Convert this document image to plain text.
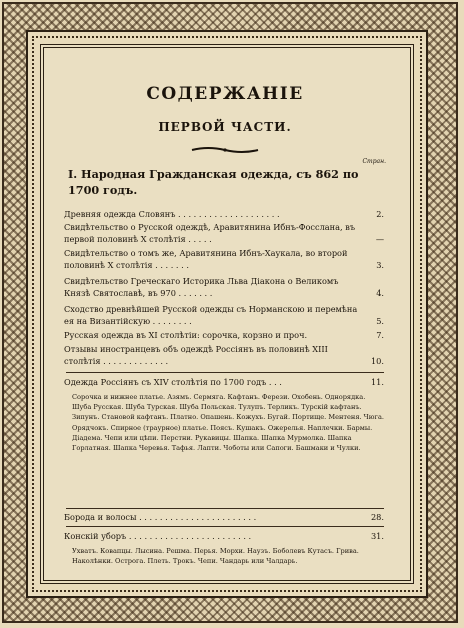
СОДЕРЖАНІЕ
ПЕРВОЙ ЧАСТИ.
Стран.
I. Народная Гражданская одежда, съ 862 по 1700 годъ.
Древняя одежда Словянъ . . . . . . . . . . . . . . . . . . . .	2.
Свидѣтельство о Русской одеждѣ, Аравитянина Ибнъ-Фосслана, въ первой половинѣ X столѣтія . . . . .	—
Свидѣтельство о томъ же, Аравитянина Ибнъ-Хаукала, во второй половинѣ X столѣтія . . . . . . .	3.
Свидѣтельство Греческаго Историка Льва Діакона о Великомъ Князѣ Святославѣ, въ 970 . . . . . . .	4.
Сходство древнѣйшей Русской одежды съ Норманскою и перемѣна ея на Византійскую . . . . . . . .	5.
Русская одежда въ XI столѣтіи: сорочка, корзно и проч.	7.
Отзывы иностранцевъ объ одеждѣ Россіянъ въ половинѣ XIII столѣтія . . . . . . . . . . . . .	10.
Одежда Россіянъ съ XIV столѣтія по 1700 годъ . . .	11.
Сорочка и нижнее платье. Азямъ. Сермяга. Кафтанъ. Ферези. Охобень. Однорядка. Шуба Русская. Шуба Турская. Шуба Польская. Тулупъ. Терликъ. Турскій кафтанъ. Зипунъ. Становой кафтанъ. Платно. Опашень. Кожухъ. Бугай. Портище. Ментеня. Чюга. Орядчокъ. Спирное (траурное) платье. Поясъ. Кушакъ. Ожерелья. Наплечки. Бармы. Діадема. Чепи или цѣпи. Перстни. Рукавицы. Шапка. Шапка Мурмолка. Шапка Горлатная. Шапка Черевья. Тафья. Лапти. Чоботы или Сапоги. Башмаки и Чулки.
Борода и волосы . . . . . . . . . . . . . . . . . . . . . . .	28.
Конскій уборъ . . . . . . . . . . . . . . . . . . . . . . . .	31.
Ухватъ. Ковапцы. Лысина. Решма. Перья. Морхи. Наузъ. Боболевъ Кутасъ. Грива. Наколѣнки. Острога. Плеть. Трокъ. Чепи. Чандарь или Чалдарь.
